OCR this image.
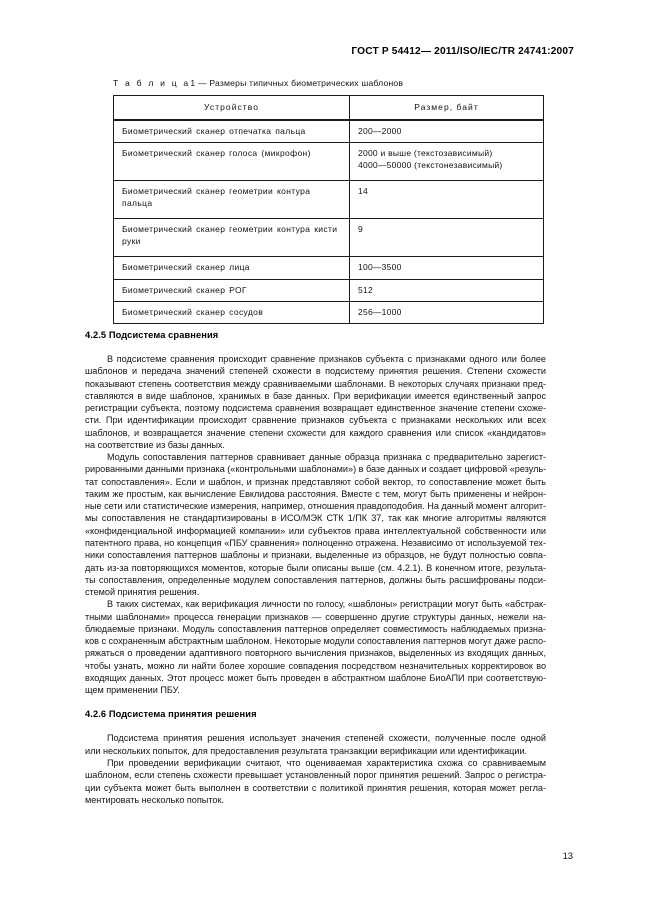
ГОСТ Р 54412— 2011/ISO/IEC/TR 24741:2007
Т а б л и ц а1 — Размеры типичных биометрических шаблонов
Устройство	Размер, байт
Биометрический сканер отпечатка пальца	200—2000

Биометрический сканер голоса (микрофон)	2000 и выше (текстозависимый)
4000—50000 (текстонезависимый)

Биометрический сканер геометрии контура пальца	14

Биометрический сканер геометрии контура кисти руки	9

Биометрический сканер лица	100—3500

Биометрический сканер РОГ	512

Биометрический сканер сосудов	256—1000
4.2.5 Подсистема сравнения

В подсистеме сравнения происходит сравнение признаков субъекта с признаками одного или более
шаблонов и передача значений степеней схожести в подсистему принятия решения. Степени схожести
показывают степень соответствия между сравниваемыми шаблонами. В некоторых случаях признаки пред-
ставляются в виде шаблонов, хранимых в базе данных. При верификации имеется единственный запрос
регистрации субъекта, поэтому подсистема сравнения возвращает единственное значение степени схоже-
сти. При идентификации происходит сравнение признаков субъекта с признаками нескольких или всех
шаблонов, и возвращается значение степени схожести для каждого сравнения или список «кандидатов»
на соответствие из базы данных.

Модуль сопоставления паттернов сравнивает данные образца признака с предварительно зарегист-
рированными данными признака («контрольными шаблонами») в базе данных и создает цифровой «резуль-
тат сопоставления». Если и шаблон, и признак представляют собой вектор, то сопоставление может быть
таким же простым, как вычисление Евклидова расстояния. Вместе с тем, могут быть применены и нейрон-
ные сети или статистические измерения, например, отношения правдоподобия. На данный момент алгорит-
мы сопоставления не стандартизированы в ИСО/МЭК СТК 1/ПК 37, так как многие алгоритмы являются
«конфиденциальной информацией компании» или субъектов права интеллектуальной собственности или
патентного права, но концепция «ПБУ сравнения» полноценно отражена. Независимо от используемой тех-
ники сопоставления паттернов шаблоны и признаки, выделенные из образцов, не будут полностью совпа-
дать из-за повторяющихся моментов, которые были описаны выше (см. 4.2.1). В конечном итоге, результа-
ты сопоставления, определенные модулем сопоставления паттернов, должны быть расшифрованы подси-
стемой принятия решения.

В таких системах, как верификация личности по голосу, «шаблоны» регистрации могут быть «абстрак-
тными шаблонами» процесса генерации признаков — совершенно другие структуры данных, нежели на-
блюдаемые признаки. Модуль сопоставления паттернов определяет совместимость наблюдаемых призна-
ков с сохраненным абстрактным шаблоном. Некоторые модули сопоставления паттернов могут даже распо-
ряжаться о проведении адаптивного повторного вычисления признаков, выделенных из входящих данных,
чтобы узнать, можно ли найти более хорошие совпадения посредством незначительных корректировок во
входящих данных. Этот процесс может быть проведен в абстрактном шаблоне БиоАПИ при соответствую-
щем применении ПБУ.

4.2.6 Подсистема принятия решения

Подсистема принятия решения использует значения степеней схожести, полученные после одной
или нескольких попыток, для предоставления результата транзакции верификации или идентификации.

При проведении верификации считают, что оцениваемая характеристика схожа со сравниваемым
шаблоном, если степень схожести превышает установленный порог принятия решений. Запрос о регистра-
ции субъекта может быть выполнен в соответствии с политикой принятия решения, которая может регла-
ментировать несколько попыток.

13
